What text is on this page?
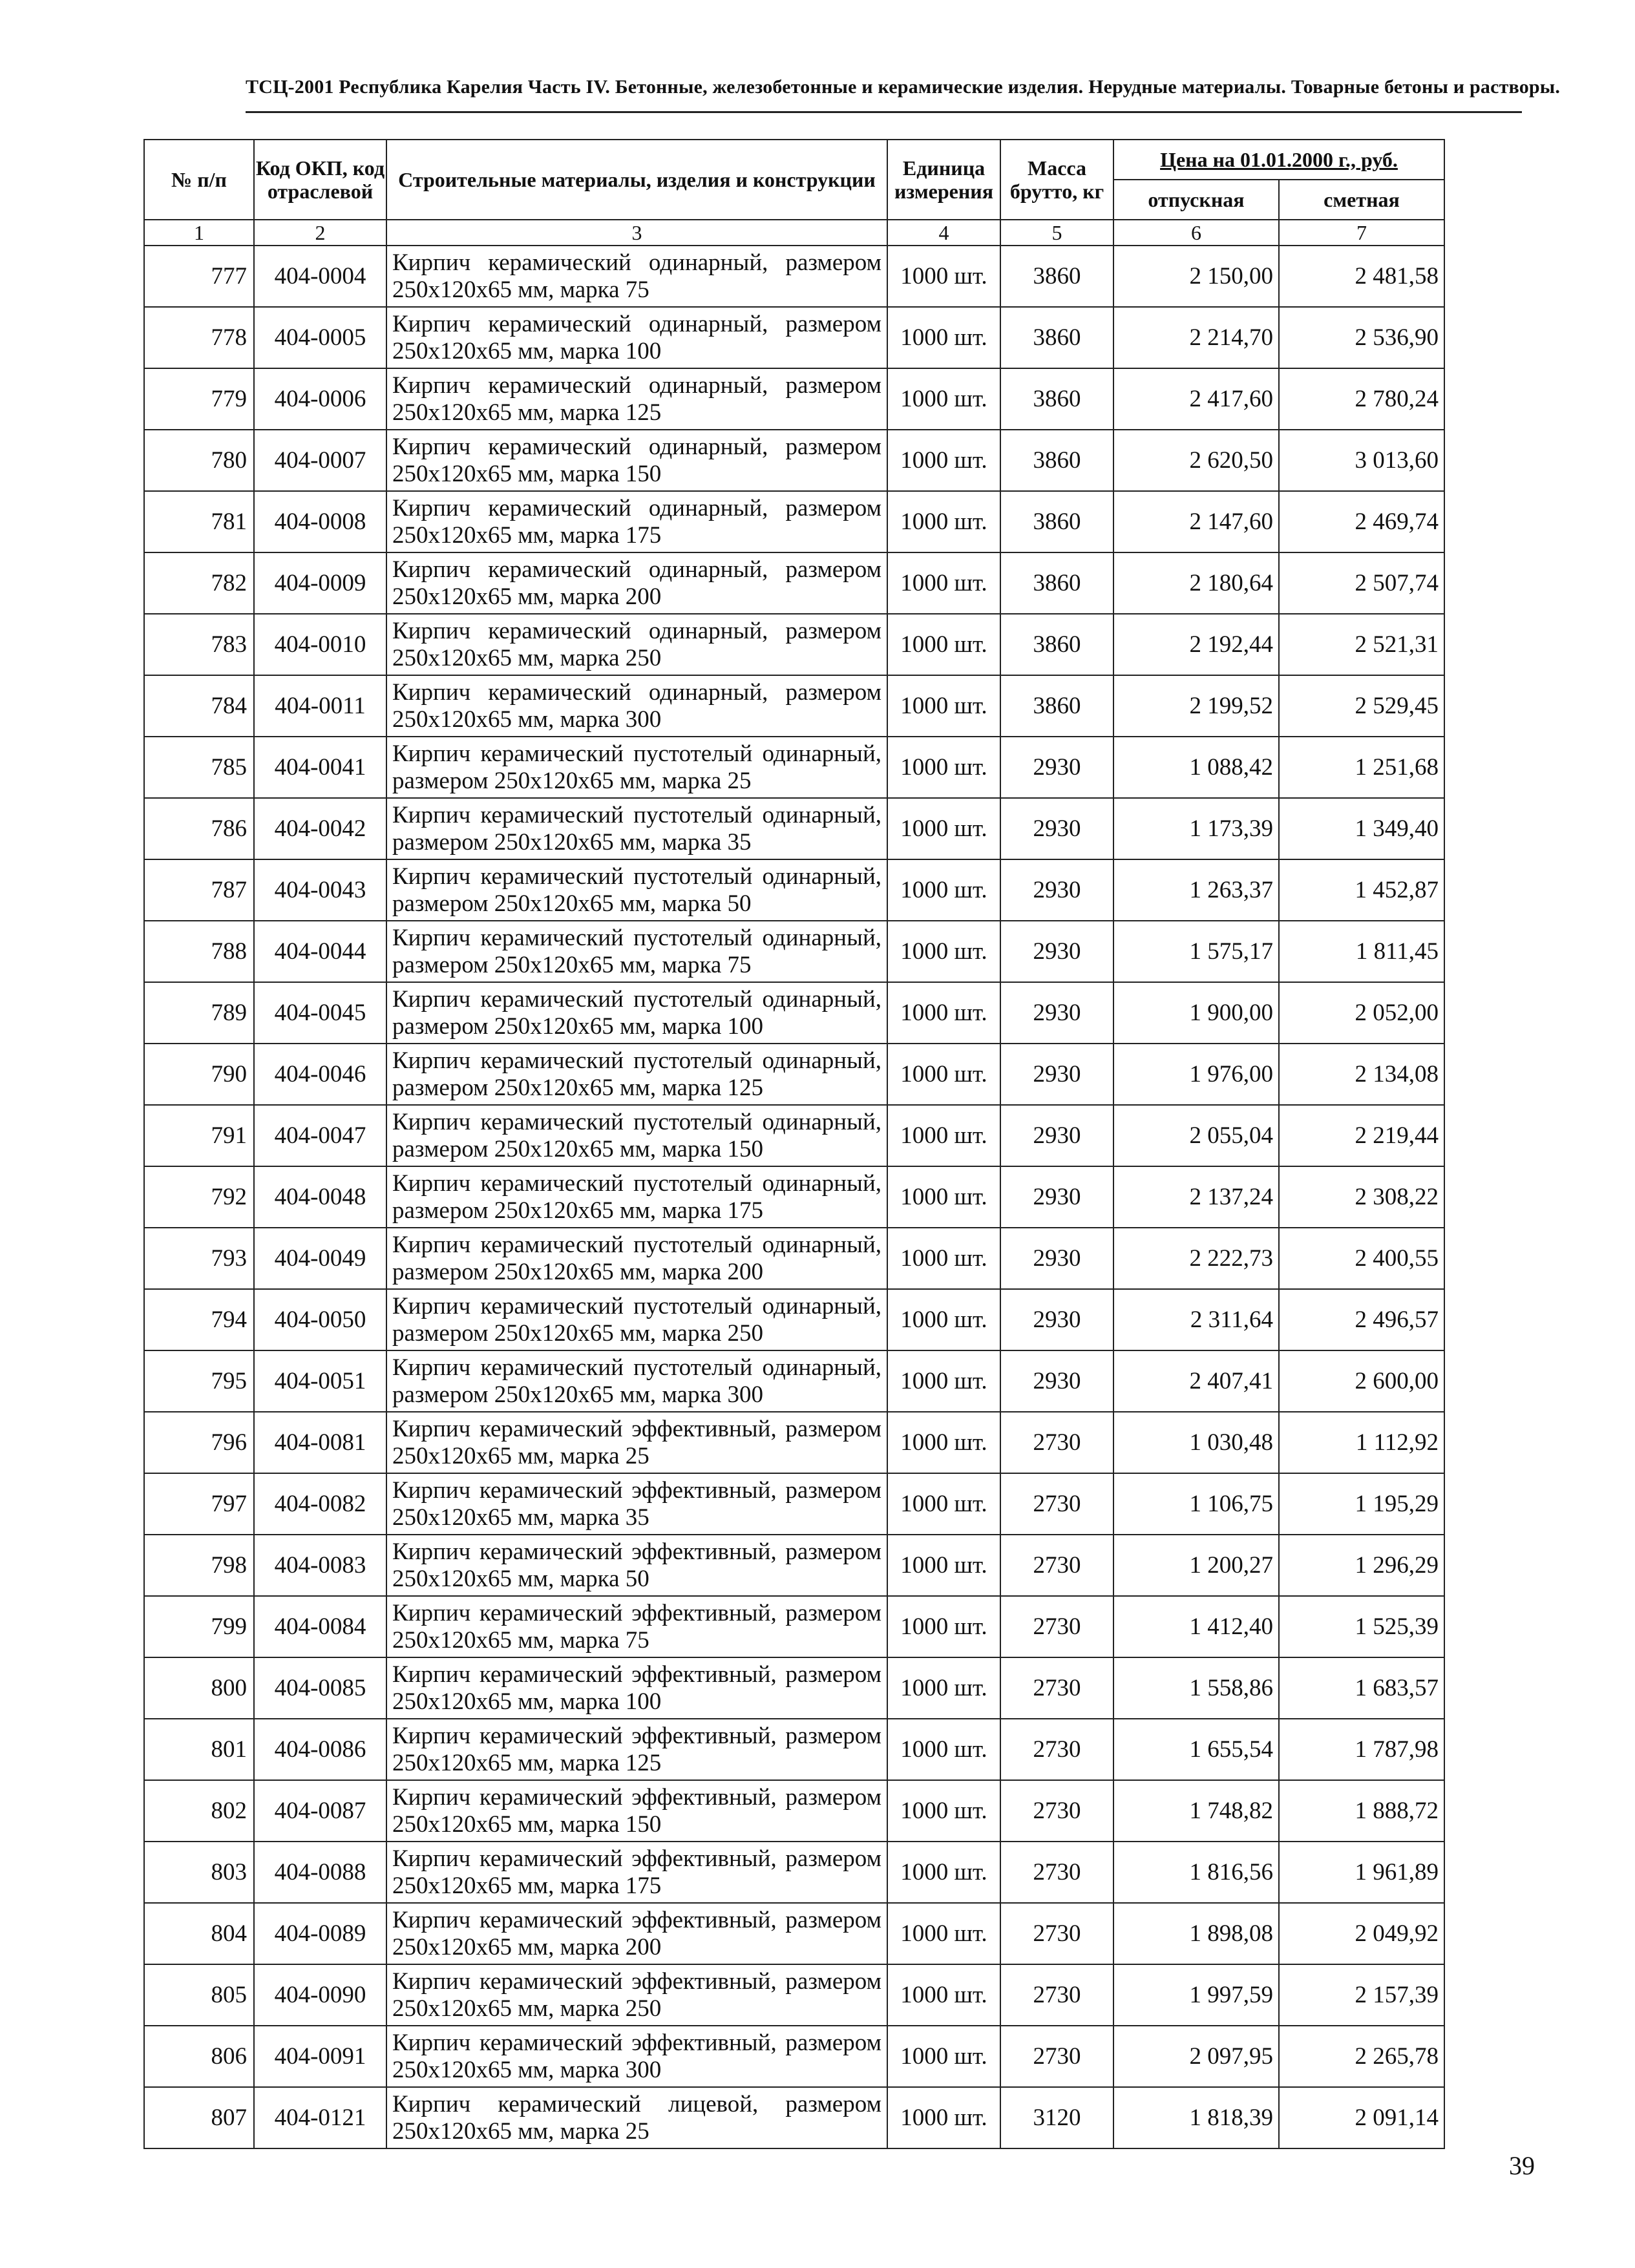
ТСЦ-2001 Республика Карелия Часть IV. Бетонные, железобетонные и керамические изделия. Нерудные материалы. Товарные бетоны и растворы.
№ п/п	Код ОКП, код отраслевой	Строительные материалы, изделия и конструкции	Единица измерения	Масса брутто, кг	Цена на 01.01.2000 г., руб.	
					отпускная	сметная
1	2	3	4	5	6	7
777	404-0004	Кирпич керамический одинарный, размером 250х120х65 мм, марка 75	1000 шт.	3860	2 150,00	2 481,58
778	404-0005	Кирпич керамический одинарный, размером 250х120х65 мм, марка 100	1000 шт.	3860	2 214,70	2 536,90
779	404-0006	Кирпич керамический одинарный, размером 250х120х65 мм, марка 125	1000 шт.	3860	2 417,60	2 780,24
780	404-0007	Кирпич керамический одинарный, размером 250х120х65 мм, марка 150	1000 шт.	3860	2 620,50	3 013,60
781	404-0008	Кирпич керамический одинарный, размером 250х120х65 мм, марка 175	1000 шт.	3860	2 147,60	2 469,74
782	404-0009	Кирпич керамический одинарный, размером 250х120х65 мм, марка 200	1000 шт.	3860	2 180,64	2 507,74
783	404-0010	Кирпич керамический одинарный, размером 250х120х65 мм, марка 250	1000 шт.	3860	2 192,44	2 521,31
784	404-0011	Кирпич керамический одинарный, размером 250х120х65 мм, марка 300	1000 шт.	3860	2 199,52	2 529,45
785	404-0041	Кирпич керамический пустотелый одинарный, размером 250х120х65 мм, марка 25	1000 шт.	2930	1 088,42	1 251,68
786	404-0042	Кирпич керамический пустотелый одинарный, размером 250х120х65 мм, марка 35	1000 шт.	2930	1 173,39	1 349,40
787	404-0043	Кирпич керамический пустотелый одинарный, размером 250х120х65 мм, марка 50	1000 шт.	2930	1 263,37	1 452,87
788	404-0044	Кирпич керамический пустотелый одинарный, размером 250х120х65 мм, марка 75	1000 шт.	2930	1 575,17	1 811,45
789	404-0045	Кирпич керамический пустотелый одинарный, размером 250х120х65 мм, марка 100	1000 шт.	2930	1 900,00	2 052,00
790	404-0046	Кирпич керамический пустотелый одинарный, размером 250х120х65 мм, марка 125	1000 шт.	2930	1 976,00	2 134,08
791	404-0047	Кирпич керамический пустотелый одинарный, размером 250х120х65 мм, марка 150	1000 шт.	2930	2 055,04	2 219,44
792	404-0048	Кирпич керамический пустотелый одинарный, размером 250х120х65 мм, марка 175	1000 шт.	2930	2 137,24	2 308,22
793	404-0049	Кирпич керамический пустотелый одинарный, размером 250х120х65 мм, марка 200	1000 шт.	2930	2 222,73	2 400,55
794	404-0050	Кирпич керамический пустотелый одинарный, размером 250х120х65 мм, марка 250	1000 шт.	2930	2 311,64	2 496,57
795	404-0051	Кирпич керамический пустотелый одинарный, размером 250х120х65 мм, марка 300	1000 шт.	2930	2 407,41	2 600,00
796	404-0081	Кирпич керамический эффективный, размером 250х120х65 мм, марка 25	1000 шт.	2730	1 030,48	1 112,92
797	404-0082	Кирпич керамический эффективный, размером 250х120х65 мм, марка 35	1000 шт.	2730	1 106,75	1 195,29
798	404-0083	Кирпич керамический эффективный, размером 250х120х65 мм, марка 50	1000 шт.	2730	1 200,27	1 296,29
799	404-0084	Кирпич керамический эффективный, размером 250х120х65 мм, марка 75	1000 шт.	2730	1 412,40	1 525,39
800	404-0085	Кирпич керамический эффективный, размером 250х120х65 мм, марка 100	1000 шт.	2730	1 558,86	1 683,57
801	404-0086	Кирпич керамический эффективный, размером 250х120х65 мм, марка 125	1000 шт.	2730	1 655,54	1 787,98
802	404-0087	Кирпич керамический эффективный, размером 250х120х65 мм, марка 150	1000 шт.	2730	1 748,82	1 888,72
803	404-0088	Кирпич керамический эффективный, размером 250х120х65 мм, марка 175	1000 шт.	2730	1 816,56	1 961,89
804	404-0089	Кирпич керамический эффективный, размером 250х120х65 мм, марка 200	1000 шт.	2730	1 898,08	2 049,92
805	404-0090	Кирпич керамический эффективный, размером 250х120х65 мм, марка 250	1000 шт.	2730	1 997,59	2 157,39
806	404-0091	Кирпич керамический эффективный, размером 250х120х65 мм, марка 300	1000 шт.	2730	2 097,95	2 265,78
807	404-0121	Кирпич керамический лицевой, размером 250х120х65 мм, марка 25	1000 шт.	3120	1 818,39	2 091,14
39
